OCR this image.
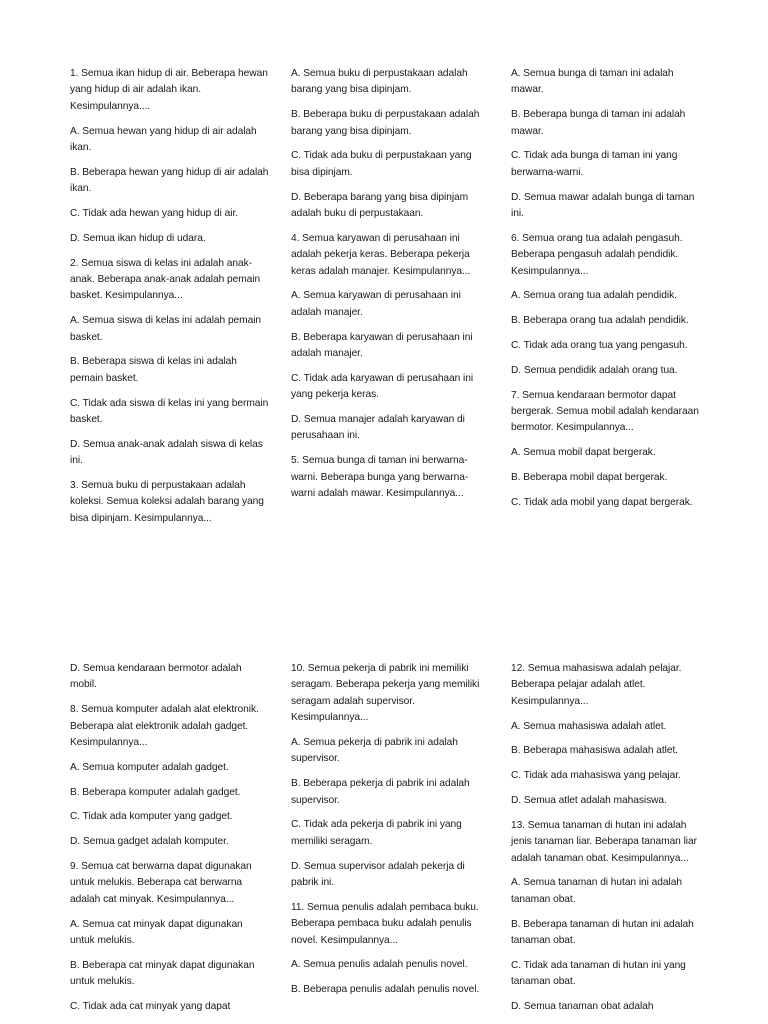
1. Semua ikan hidup di air. Beberapa hewan yang hidup di air adalah ikan. Kesimpulannya....

A. Semua hewan yang hidup di air adalah ikan.

B. Beberapa hewan yang hidup di air adalah ikan.

C. Tidak ada hewan yang hidup di air.

D. Semua ikan hidup di udara.

2. Semua siswa di kelas ini adalah anak-anak. Beberapa anak-anak adalah pemain basket. Kesimpulannya...

A. Semua siswa di kelas ini adalah pemain basket.

B. Beberapa siswa di kelas ini adalah pemain basket.

C. Tidak ada siswa di kelas ini yang bermain basket.

D. Semua anak-anak adalah siswa di kelas ini.

3. Semua buku di perpustakaan adalah koleksi. Semua koleksi adalah barang yang bisa dipinjam. Kesimpulannya...

A. Semua buku di perpustakaan adalah barang yang bisa dipinjam.

B. Beberapa buku di perpustakaan adalah barang yang bisa dipinjam.

C. Tidak ada buku di perpustakaan yang bisa dipinjam.

D. Beberapa barang yang bisa dipinjam adalah buku di perpustakaan.

4. Semua karyawan di perusahaan ini adalah pekerja keras. Beberapa pekerja keras adalah manajer. Kesimpulannya...

A. Semua karyawan di perusahaan ini adalah manajer.

B. Beberapa karyawan di perusahaan ini adalah manajer.

C. Tidak ada karyawan di perusahaan ini yang pekerja keras.

D. Semua manajer adalah karyawan di perusahaan ini.

5. Semua bunga di taman ini berwarna-warni. Beberapa bunga yang berwarna-warni adalah mawar. Kesimpulannya...

A. Semua bunga di taman ini adalah mawar.

B. Beberapa bunga di taman ini adalah mawar.

C. Tidak ada bunga di taman ini yang berwarna-warni.

D. Semua mawar adalah bunga di taman ini.

6. Semua orang tua adalah pengasuh. Beberapa pengasuh adalah pendidik. Kesimpulannya...

A. Semua orang tua adalah pendidik.

B. Beberapa orang tua adalah pendidik.

C. Tidak ada orang tua yang pengasuh.

D. Semua pendidik adalah orang tua.

7. Semua kendaraan bermotor dapat bergerak. Semua mobil adalah kendaraan bermotor. Kesimpulannya...

A. Semua mobil dapat bergerak.

B. Beberapa mobil dapat bergerak.

C. Tidak ada mobil yang dapat bergerak.

D. Semua kendaraan bermotor adalah mobil.

8. Semua komputer adalah alat elektronik. Beberapa alat elektronik adalah gadget. Kesimpulannya...

A. Semua komputer adalah gadget.

B. Beberapa komputer adalah gadget.

C. Tidak ada komputer yang gadget.

D. Semua gadget adalah komputer.

9. Semua cat berwarna dapat digunakan untuk melukis. Beberapa cat berwarna adalah cat minyak. Kesimpulannya...

A. Semua cat minyak dapat digunakan untuk melukis.

B. Beberapa cat minyak dapat digunakan untuk melukis.

C. Tidak ada cat minyak yang dapat

10. Semua pekerja di pabrik ini memiliki seragam. Beberapa pekerja yang memiliki seragam adalah supervisor. Kesimpulannya...

A. Semua pekerja di pabrik ini adalah supervisor.

B. Beberapa pekerja di pabrik ini adalah supervisor.

C. Tidak ada pekerja di pabrik ini yang memiliki seragam.

D. Semua supervisor adalah pekerja di pabrik ini.

11. Semua penulis adalah pembaca buku. Beberapa pembaca buku adalah penulis novel. Kesimpulannya...

A. Semua penulis adalah penulis novel.

B. Beberapa penulis adalah penulis novel.

12. Semua mahasiswa adalah pelajar. Beberapa pelajar adalah atlet. Kesimpulannya...

A. Semua mahasiswa adalah atlet.

B. Beberapa mahasiswa adalah atlet.

C. Tidak ada mahasiswa yang pelajar.

D. Semua atlet adalah mahasiswa.

13. Semua tanaman di hutan ini adalah jenis tanaman liar. Beberapa tanaman liar adalah tanaman obat. Kesimpulannya...

A. Semua tanaman di hutan ini adalah tanaman obat.

B. Beberapa tanaman di hutan ini adalah tanaman obat.

C. Tidak ada tanaman di hutan ini yang tanaman obat.

D. Semua tanaman obat adalah
